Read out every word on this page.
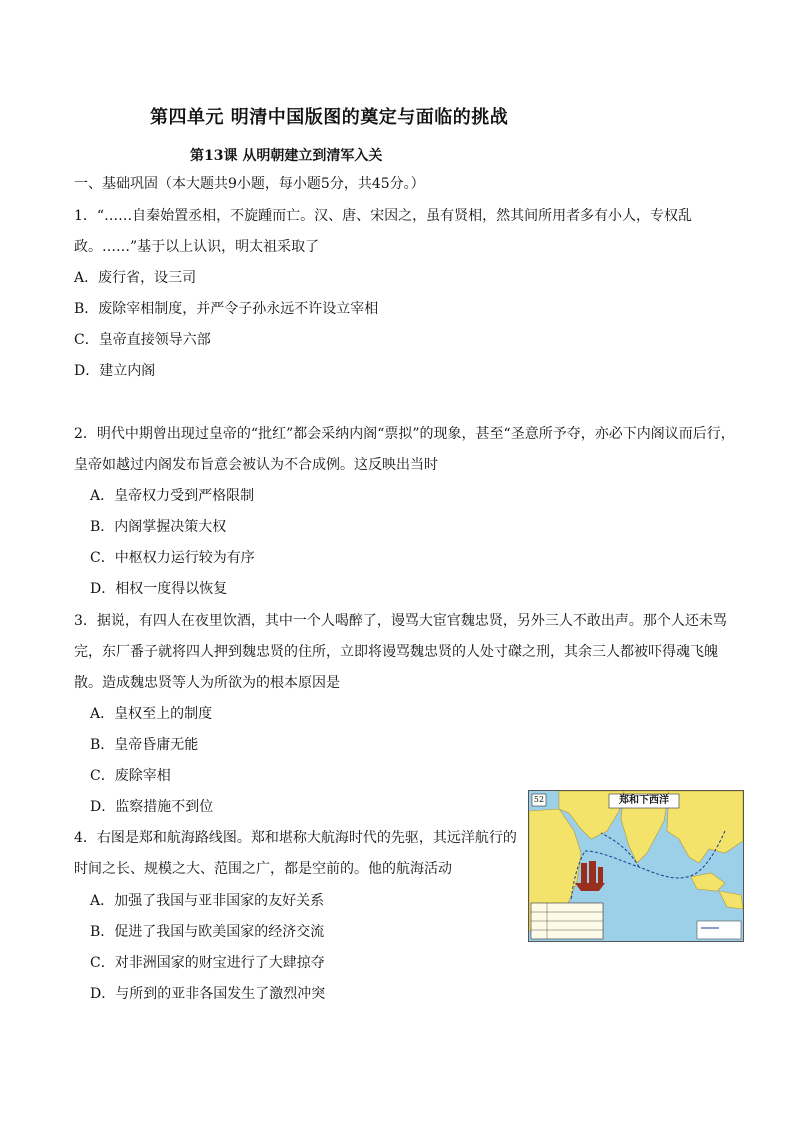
第四单元 明清中国版图的奠定与面临的挑战
第13课 从明朝建立到清军入关
一、基础巩固（本大题共9小题，每小题5分，共45分。）
1．“……自秦始置丞相，不旋踵而亡。汉、唐、宋因之，虽有贤相，然其间所用者多有小人，专权乱
政。……”基于以上认识，明太祖采取了
A．废行省，设三司
B．废除宰相制度，并严令子孙永远不许设立宰相
C．皇帝直接领导六部
D．建立内阁
2．明代中期曾出现过皇帝的“批红”都会采纳内阁“票拟”的现象，甚至“圣意所予夺，亦必下内阁议而后行，
皇帝如越过内阁发布旨意会被认为不合成例。这反映出当时
A．皇帝权力受到严格限制
B．内阁掌握决策大权
C．中枢权力运行较为有序
D．相权一度得以恢复
3．据说，有四人在夜里饮酒，其中一个人喝醉了，谩骂大宦官魏忠贤，另外三人不敢出声。那个人还未骂
完，东厂番子就将四人押到魏忠贤的住所，立即将谩骂魏忠贤的人处寸磔之刑，其余三人都被吓得魂飞魄
散。造成魏忠贤等人为所欲为的根本原因是
A．皇权至上的制度
B．皇帝昏庸无能
C．废除宰相
D．监察措施不到位
4．右图是郑和航海路线图。郑和堪称大航海时代的先驱，其远洋航行的
时间之长、规模之大、范围之广，都是空前的。他的航海活动
A．加强了我国与亚非国家的友好关系
B．促进了我国与欧美国家的经济交流
C．对非洲国家的财宝进行了大肆掠夺
D．与所到的亚非各国发生了激烈冲突
郑和下西洋
52
